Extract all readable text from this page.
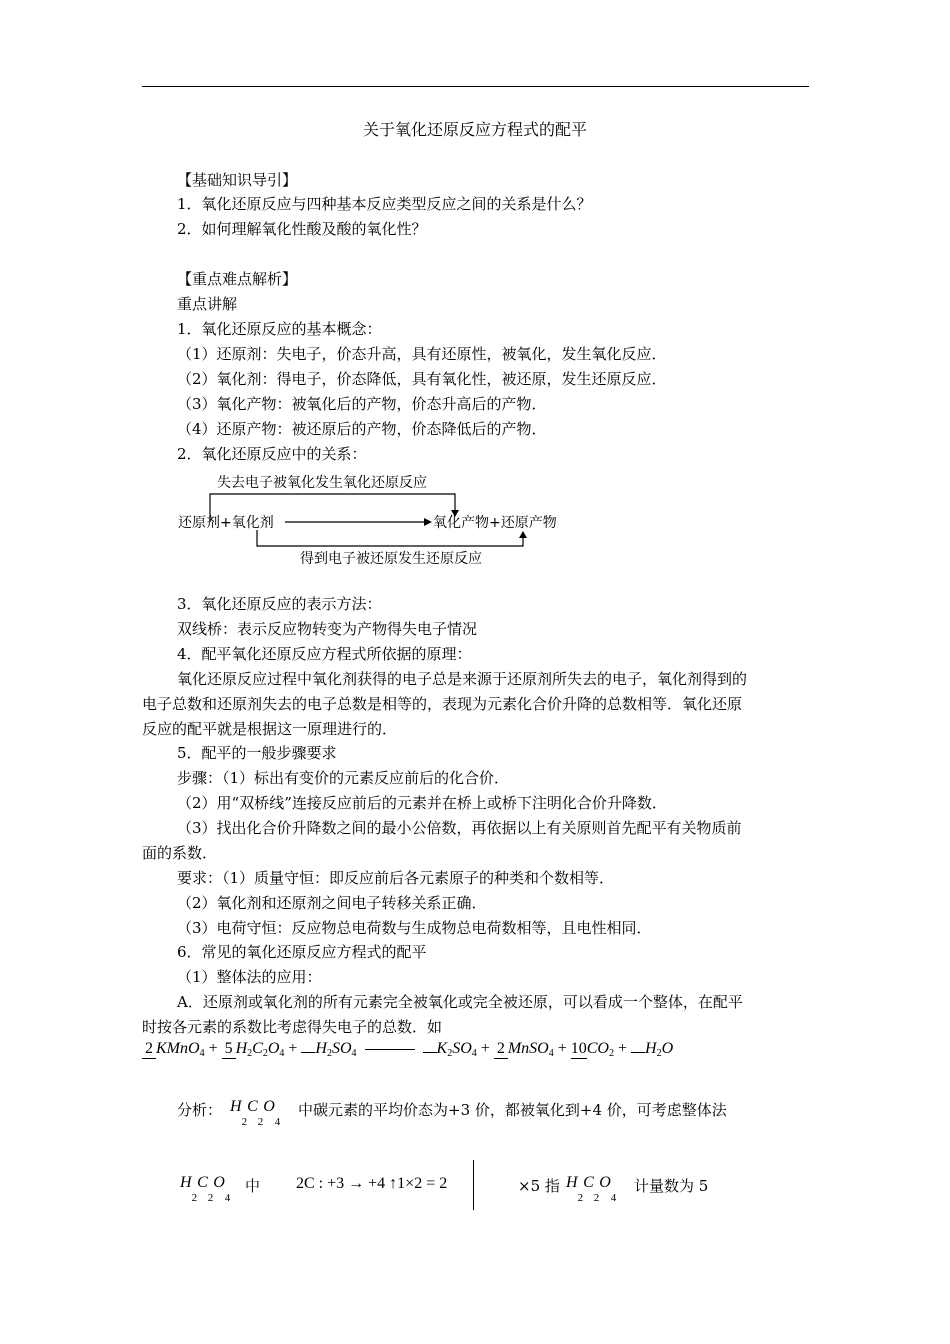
关于氧化还原反应方程式的配平
【基础知识导引】
1．氧化还原反应与四种基本反应类型反应之间的关系是什么？
2．如何理解氧化性酸及酸的氧化性？
【重点难点解析】
重点讲解
1．氧化还原反应的基本概念：
（1）还原剂：失电子，价态升高，具有还原性，被氧化，发生氧化反应．
（2）氧化剂：得电子，价态降低，具有氧化性，被还原，发生还原反应．
（3）氧化产物：被氧化后的产物，价态升高后的产物．
（4）还原产物：被还原后的产物，价态降低后的产物．
2．氧化还原反应中的关系：
失去电子被氧化发生氧化还原反应
还原剂+氧化剂	氧化产物+还原产物
得到电子被还原发生还原反应
3．氧化还原反应的表示方法：
双线桥：表示反应物转变为产物得失电子情况
4．配平氧化还原反应方程式所依据的原理：
氧化还原反应过程中氧化剂获得的电子总是来源于还原剂所失去的电子，氧化剂得到的
电子总数和还原剂失去的电子总数是相等的，表现为元素化合价升降的总数相等．氧化还原
反应的配平就是根据这一原理进行的．
5．配平的一般步骤要求
步骤：（1）标出有变价的元素反应前后的化合价．
（2）用“双桥线”连接反应前后的元素并在桥上或桥下注明化合价升降数．
（3）找出化合价升降数之间的最小公倍数，再依据以上有关原则首先配平有关物质前
面的系数．
要求：（1）质量守恒：即反应前后各元素原子的种类和个数相等．
（2）氧化剂和还原剂之间电子转移关系正确．
（3）电荷守恒：反应物总电荷数与生成物总电荷数相等，且电性相同．
6．常见的氧化还原反应方程式的配平
（1）整体法的应用：
A．还原剂或氧化剂的所有元素完全被氧化或完全被还原，可以看成一个整体，在配平
时按各元素的系数比考虑得失电子的总数．如
2 KMnO$_4$ + 5 $H_2C_2O_4 + H_2SO_4$	$K_2SO_4 + 2$ MnSO$_4$ + $10CO_2 + H_2O$
分析： $H_2C_2O_4$
中碳元素的平均价态为+3 价，都被氧化到+4 价，可考虑整体法
$H_2C_2O_4$
中 2C : +3 → +4 ↑1×2 = 2	×5 指 $H_2C_2O_4$
计量数为 5
